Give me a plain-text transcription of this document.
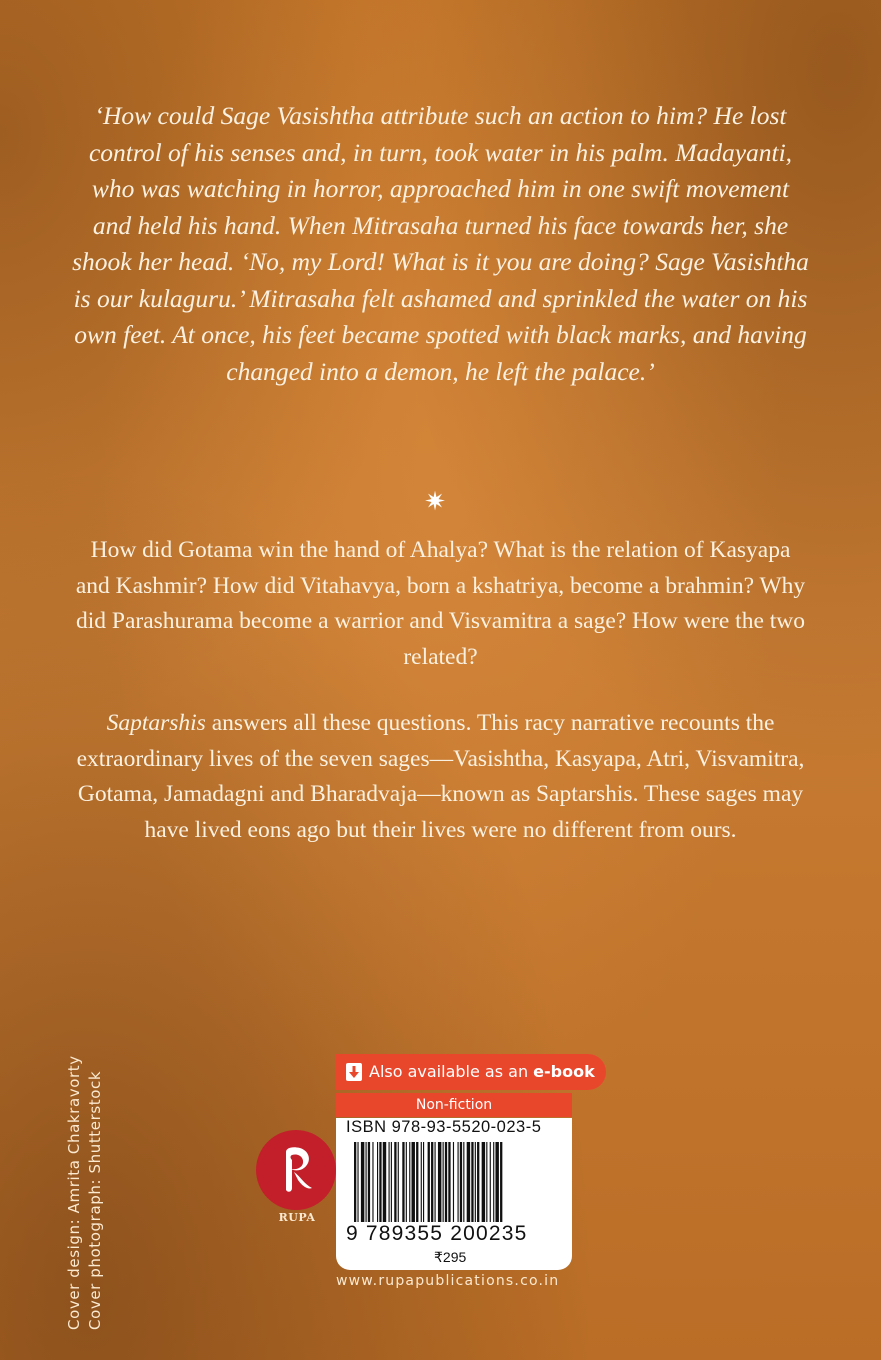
‘How could Sage Vasishtha attribute such an action to him? He lost control of his senses and, in turn, took water in his palm. Madayanti, who was watching in horror, approached him in one swift movement and held his hand. When Mitrasaha turned his face towards her, she shook her head. ‘No, my Lord! What is it you are doing? Sage Vasishtha is our kulaguru.’ Mitrasaha felt ashamed and sprinkled the water on his own feet. At once, his feet became spotted with black marks, and having changed into a demon, he left the palace.’

✷

How did Gotama win the hand of Ahalya? What is the relation of Kasyapa and Kashmir? How did Vitahavya, born a kshatriya, become a brahmin? Why did Parashurama become a warrior and Visvamitra a sage? How were the two related?

Saptarshis answers all these questions. This racy narrative recounts the extraordinary lives of the seven sages—Vasishtha, Kasyapa, Atri, Visvamitra, Gotama, Jamadagni and Bharadvaja—known as Saptarshis. These sages may have lived eons ago but their lives were no different from ours.

Cover design: Amrita Chakravorty Cover photograph: Shutterstock	RUPA
Also available as an e-book
Non-fiction
ISBN 978-93-5520-023-5
9 789355 200235
₹295
www.rupapublications.co.in
